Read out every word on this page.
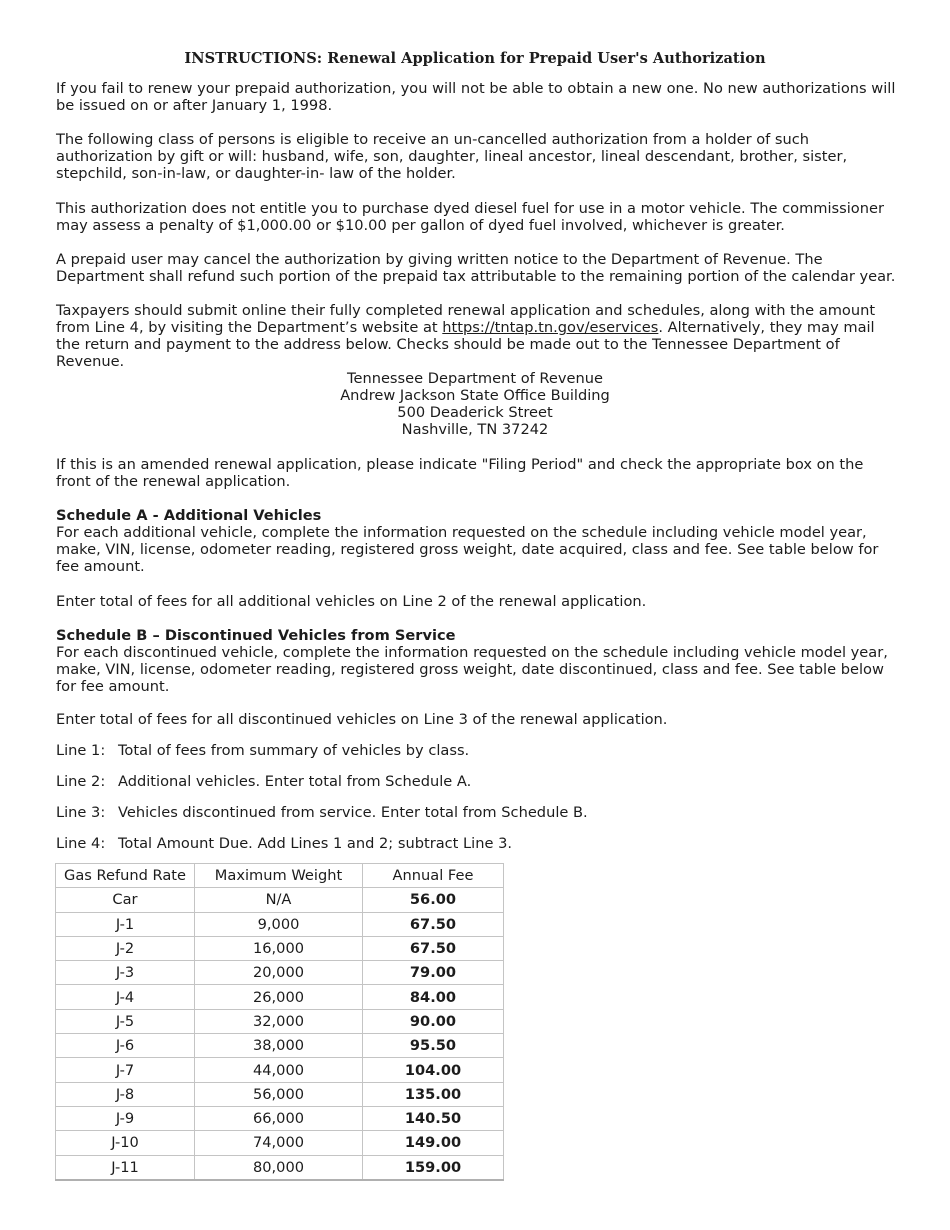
INSTRUCTIONS: Renewal Application for Prepaid User's Authorization

If you fail to renew your prepaid authorization, you will not be able to obtain a new one. No new authorizations will be issued on or after January 1, 1998.

The following class of persons is eligible to receive an un-cancelled authorization from a holder of such authorization by gift or will: husband, wife, son, daughter, lineal ancestor, lineal descendant, brother, sister, stepchild, son-in-law, or daughter-in- law of the holder.

This authorization does not entitle you to purchase dyed diesel fuel for use in a motor vehicle. The commissioner may assess a penalty of $1,000.00 or $10.00 per gallon of dyed fuel involved, whichever is greater.

A prepaid user may cancel the authorization by giving written notice to the Department of Revenue. The Department shall refund such portion of the prepaid tax attributable to the remaining portion of the calendar year.

Taxpayers should submit online their fully completed renewal application and schedules, along with the amount from Line 4, by visiting the Department’s website at https://tntap.tn.gov/eservices. Alternatively, they may mail the return and payment to the address below. Checks should be made out to the Tennessee Department of Revenue.

Tennessee Department of Revenue
Andrew Jackson State Office Building
500 Deaderick Street
Nashville, TN 37242

If this is an amended renewal application, please indicate "Filing Period" and check the appropriate box on the front of the renewal application.

Schedule A - Additional Vehicles
For each additional vehicle, complete the information requested on the schedule including vehicle model year, make, VIN, license, odometer reading, registered gross weight, date acquired, class and fee. See table below for fee amount.

Enter total of fees for all additional vehicles on Line 2 of the renewal application.

Schedule B – Discontinued Vehicles from Service
For each discontinued vehicle, complete the information requested on the schedule including vehicle model year, make, VIN, license, odometer reading, registered gross weight, date discontinued, class and fee. See table below for fee amount.

Enter total of fees for all discontinued vehicles on Line 3 of the renewal application.

Line 1: Total of fees from summary of vehicles by class.
Line 2: Additional vehicles. Enter total from Schedule A.
Line 3: Vehicles discontinued from service. Enter total from Schedule B.
Line 4: Total Amount Due. Add Lines 1 and 2; subtract Line 3.
Gas Refund Rate	Maximum Weight	Annual Fee
Car	N/A	56.00
J-1	9,000	67.50
J-2	16,000	67.50
J-3	20,000	79.00
J-4	26,000	84.00
J-5	32,000	90.00
J-6	38,000	95.50
J-7	44,000	104.00
J-8	56,000	135.00
J-9	66,000	140.50
J-10	74,000	149.00
J-11	80,000	159.00
